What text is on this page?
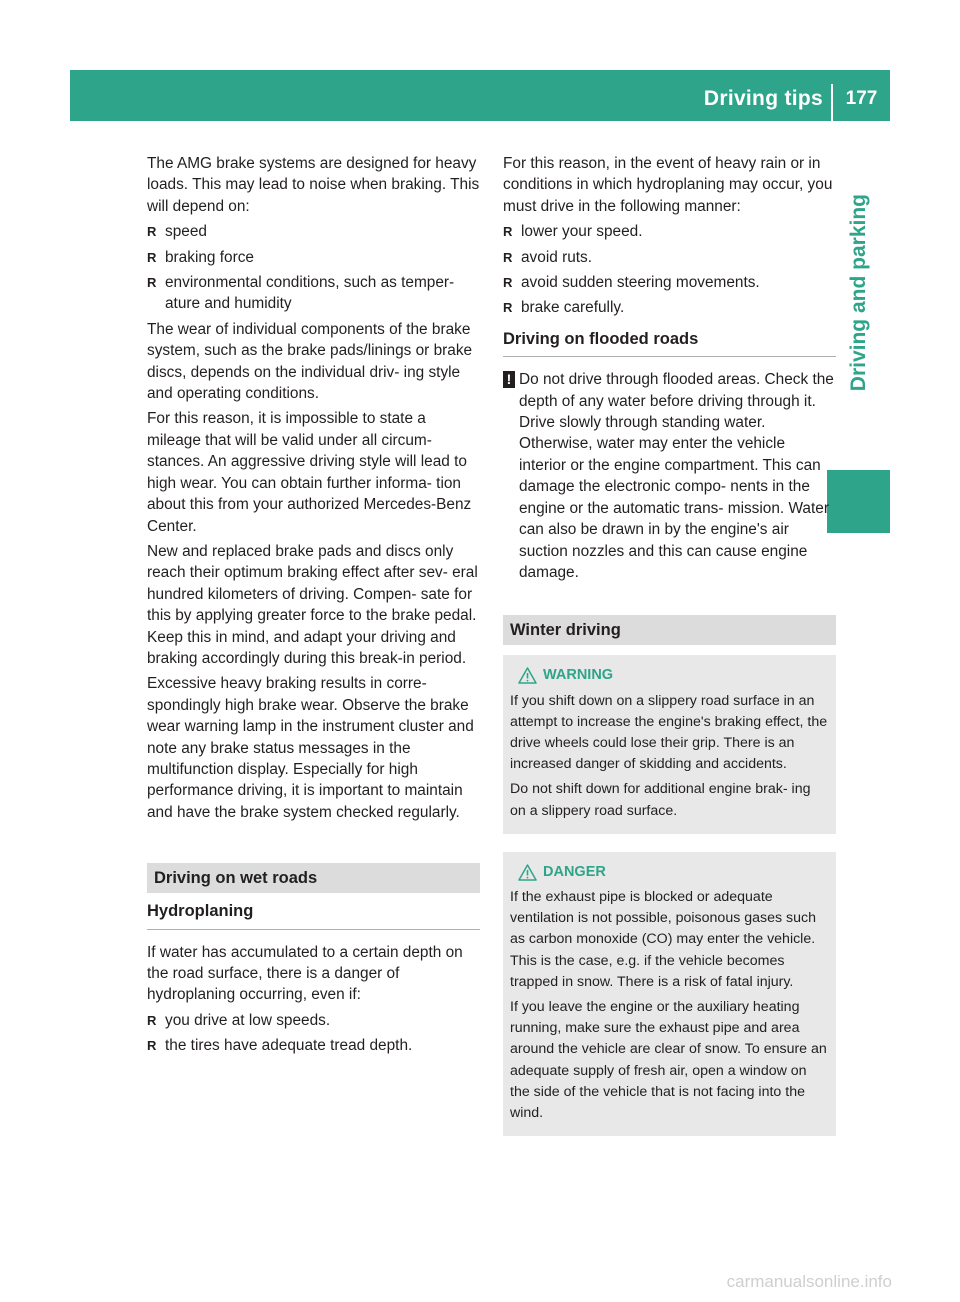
Driving tips	177
Driving and parking

The AMG brake systems are designed for heavy loads. This may lead to noise when braking. This will depend on:

R speed
R braking force
R environmental conditions, such as temper- ature and humidity

The wear of individual components of the brake system, such as the brake pads/linings or brake discs, depends on the individual driv- ing style and operating conditions.

For this reason, it is impossible to state a mileage that will be valid under all circum- stances. An aggressive driving style will lead to high wear. You can obtain further informa- tion about this from your authorized Mercedes-Benz Center.

New and replaced brake pads and discs only reach their optimum braking effect after sev- eral hundred kilometers of driving. Compen- sate for this by applying greater force to the brake pedal. Keep this in mind, and adapt your driving and braking accordingly during this break-in period.

Excessive heavy braking results in corre- spondingly high brake wear. Observe the brake wear warning lamp in the instrument cluster and note any brake status messages in the multifunction display. Especially for high performance driving, it is important to maintain and have the brake system checked regularly.

Driving on wet roads
Hydroplaning

If water has accumulated to a certain depth on the road surface, there is a danger of hydroplaning occurring, even if:

R you drive at low speeds.
R the tires have adequate tread depth.

For this reason, in the event of heavy rain or in conditions in which hydroplaning may occur, you must drive in the following manner:

R lower your speed.
R avoid ruts.
R avoid sudden steering movements.
R brake carefully.
Driving on flooded roads
! Do not drive through flooded areas. Check the depth of any water before driving through it. Drive slowly through standing water. Otherwise, water may enter the vehicle interior or the engine compartment. This can damage the electronic compo- nents in the engine or the automatic trans- mission. Water can also be drawn in by the engine's air suction nozzles and this can cause engine damage.
Winter driving
WARNING

If you shift down on a slippery road surface in an attempt to increase the engine's braking effect, the drive wheels could lose their grip. There is an increased danger of skidding and accidents.

Do not shift down for additional engine brak- ing on a slippery road surface.

DANGER

If the exhaust pipe is blocked or adequate ventilation is not possible, poisonous gases such as carbon monoxide (CO) may enter the vehicle. This is the case, e.g. if the vehicle becomes trapped in snow. There is a risk of fatal injury.

If you leave the engine or the auxiliary heating running, make sure the exhaust pipe and area around the vehicle are clear of snow. To ensure an adequate supply of fresh air, open a window on the side of the vehicle that is not facing into the wind.

carmanualsonline.info
